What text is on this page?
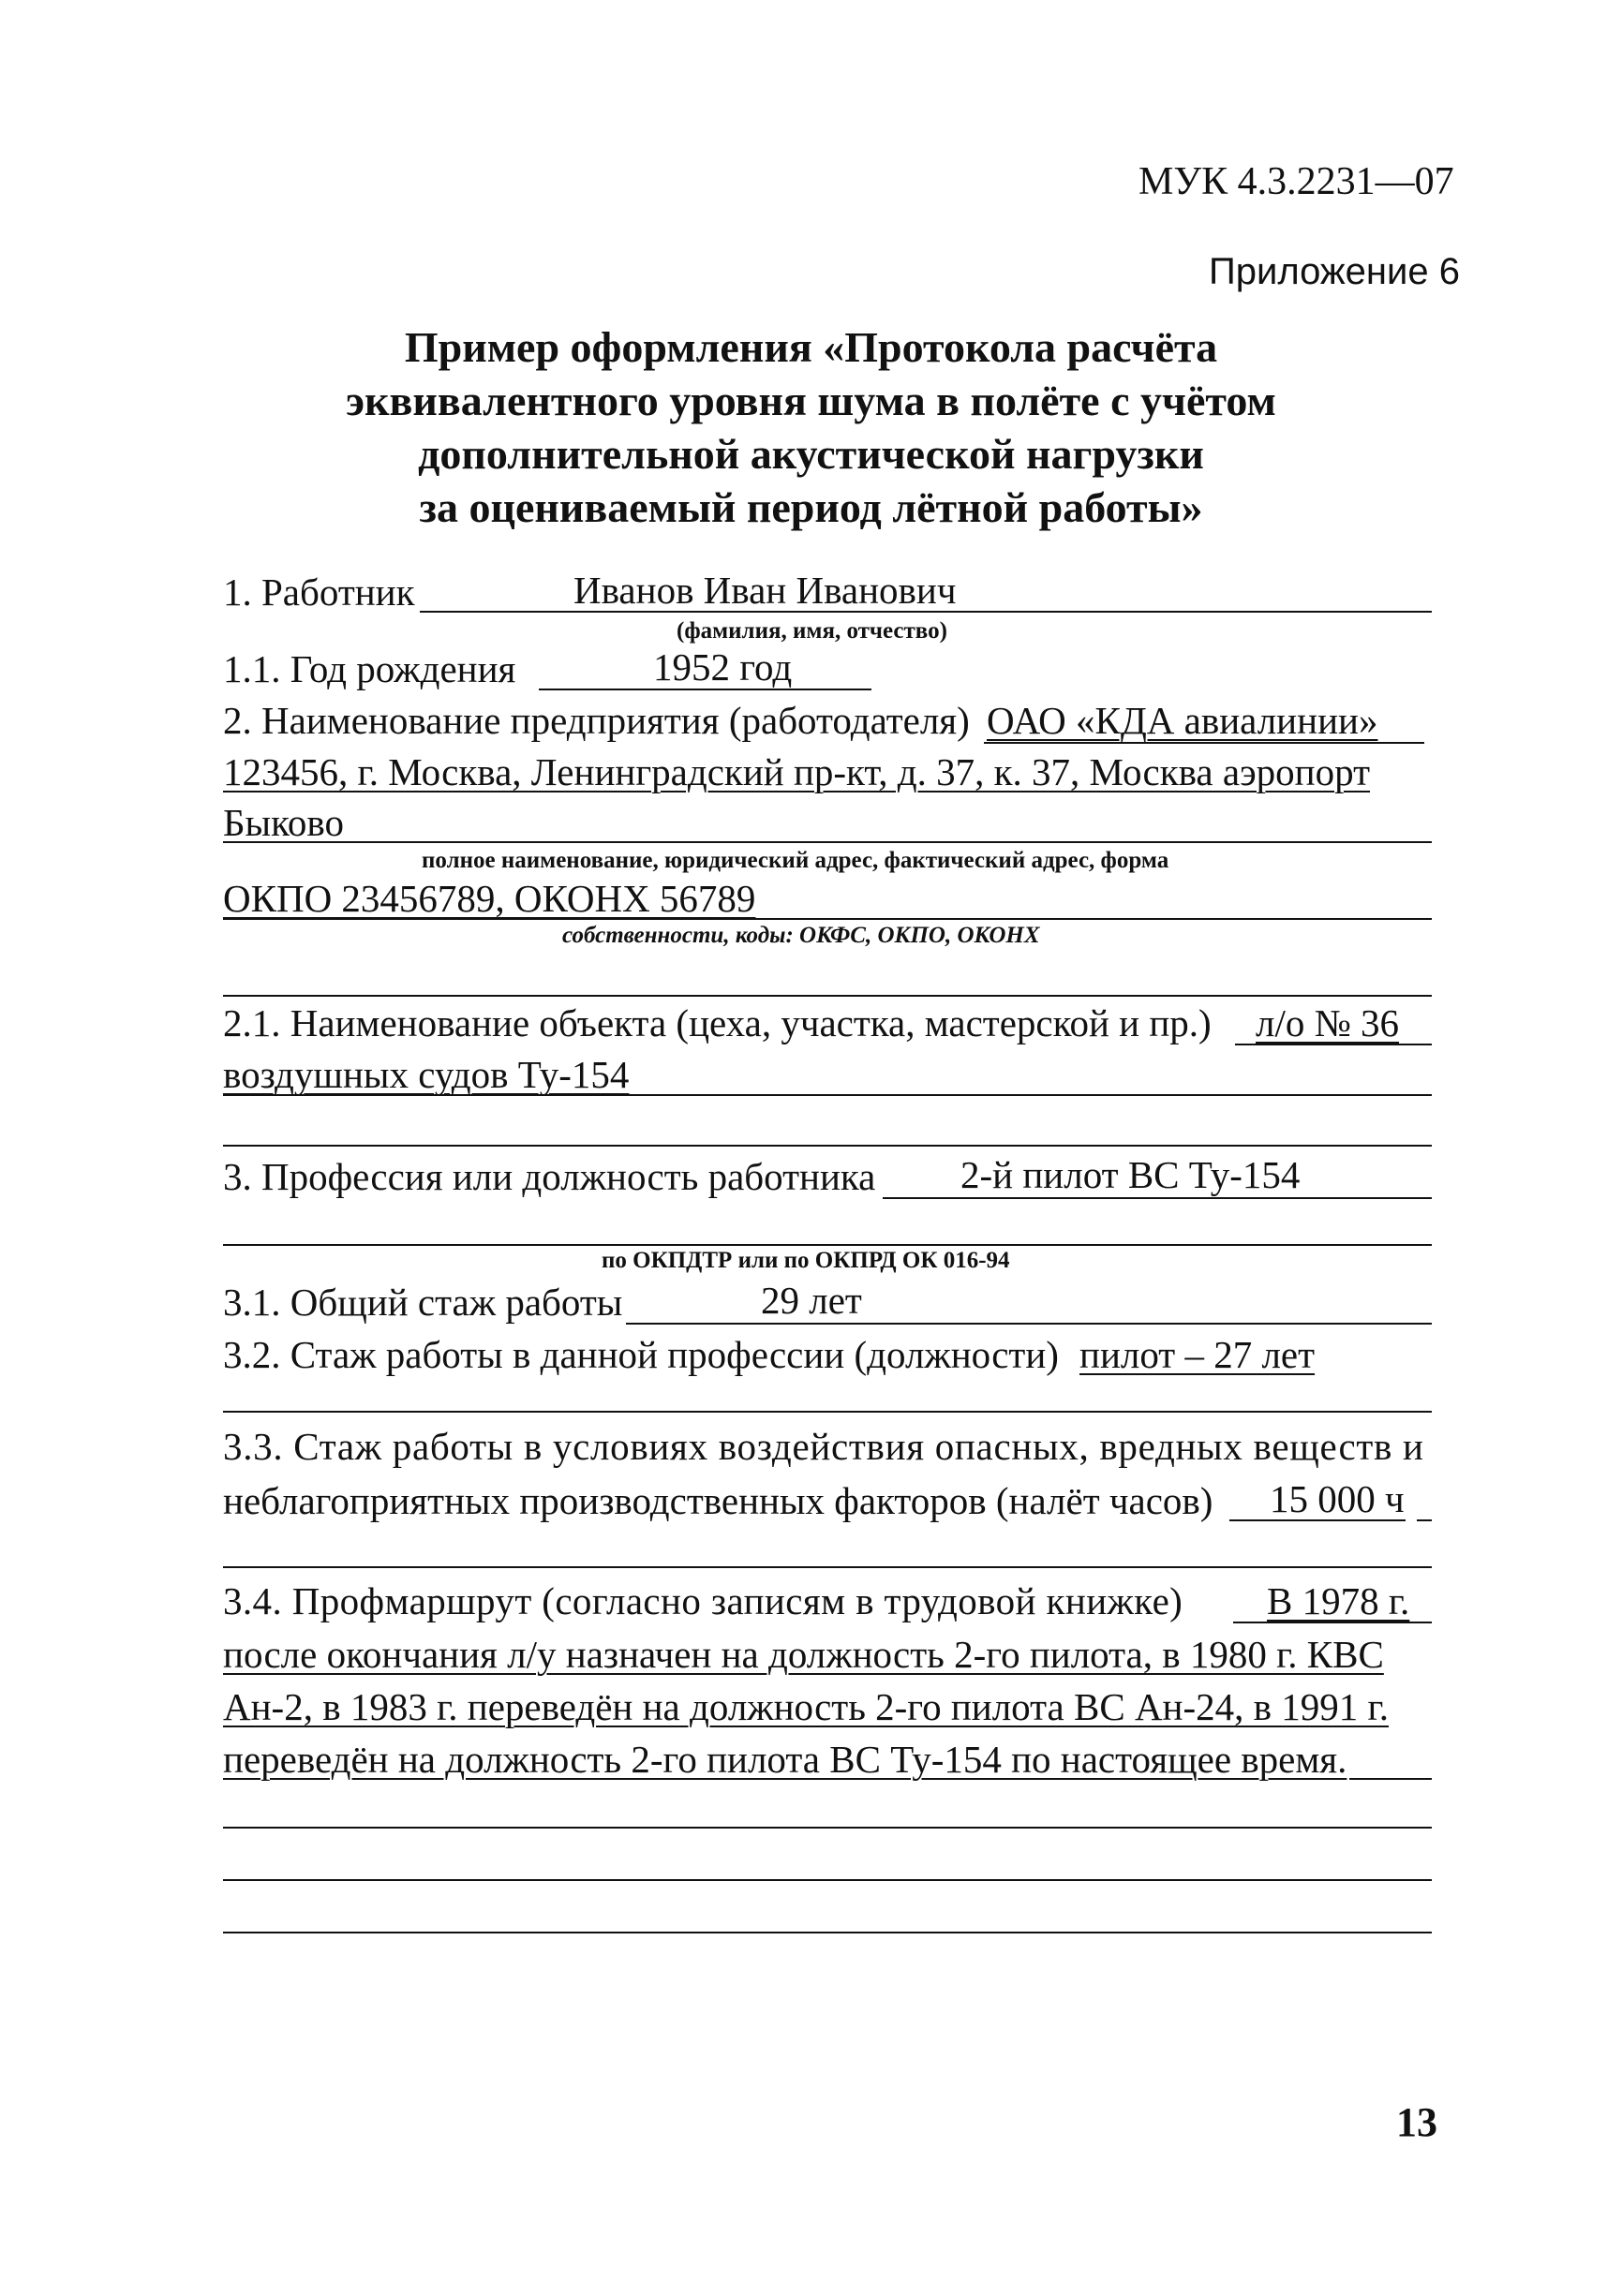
МУК 4.3.2231—07
Приложение 6
Пример оформления «Протокола расчёта
эквивалентного уровня шума в полёте с учётом
дополнительной акустической нагрузки
за оцениваемый период лётной работы»
1. Работник	Иванов Иван Иванович
(фамилия, имя, отчество)
1.1. Год рождения	1952 год
2. Наименование предприятия (работодателя) ОАО «КДА авиалинии»
123456, г. Москва, Ленинградский пр-кт, д. 37, к. 37, Москва аэропорт
Быково
полное наименование, юридический адрес, фактический адрес, форма
ОКПО 23456789, ОКОНХ 56789
собственности, коды: ОКФС, ОКПО, ОКОНХ
2.1. Наименование объекта (цеха, участка, мастерской и пр.) л/о № 36
воздушных судов Ту-154
3. Профессия или должность работника 2-й пилот ВС Ту-154
по ОКПДТР или по ОКПРД ОК 016-94
3.1. Общий стаж работы	29 лет
3.2. Стаж работы в данной профессии (должности) пилот – 27 лет
3.3. Стаж работы в условиях воздействия опасных, вредных веществ и
неблагоприятных производственных факторов (налёт часов) 15 000 ч
3.4. Профмаршрут (согласно записям в трудовой книжке) В 1978 г.
после окончания л/у назначен на должность 2-го пилота, в 1980 г. КВС
Ан-2, в 1983 г. переведён на должность 2-го пилота ВС Ан-24, в 1991 г.
переведён на должность 2-го пилота ВС Ту-154 по настоящее время.
13
